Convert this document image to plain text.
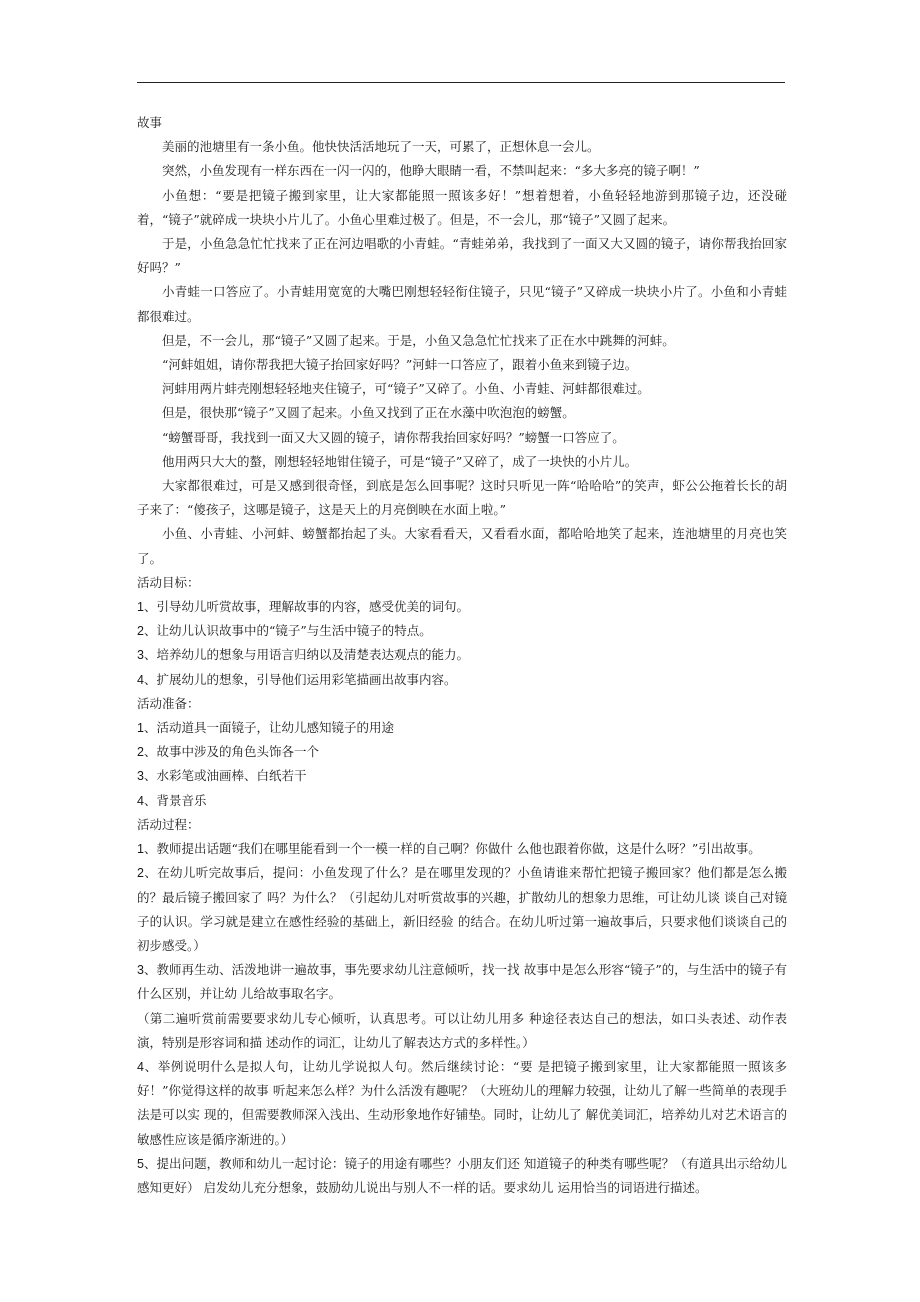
故事

美丽的池塘里有一条小鱼。他快快活活地玩了一天，可累了，正想休息一会儿。

突然，小鱼发现有一样东西在一闪一闪的，他睁大眼睛一看，不禁叫起来：“多大多亮的镜子啊！”

小鱼想：“要是把镜子搬到家里，让大家都能照一照该多好！”想着想着，小鱼轻轻地游到那镜子边，还没碰着，“镜子”就碎成一块块小片儿了。小鱼心里难过极了。但是，不一会儿，那“镜子”又圆了起来。

于是，小鱼急急忙忙找来了正在河边唱歌的小青蛙。“青蛙弟弟，我找到了一面又大又圆的镜子，请你帮我抬回家好吗？”

小青蛙一口答应了。小青蛙用宽宽的大嘴巴刚想轻轻衔住镜子，只见“镜子”又碎成一块块小片了。小鱼和小青蛙都很难过。

但是，不一会儿，那“镜子”又圆了起来。于是，小鱼又急急忙忙找来了正在水中跳舞的河蚌。

“河蚌姐姐，请你帮我把大镜子抬回家好吗？”河蚌一口答应了，跟着小鱼来到镜子边。

河蚌用两片蚌壳刚想轻轻地夹住镜子，可“镜子”又碎了。小鱼、小青蛙、河蚌都很难过。

但是，很快那“镜子”又圆了起来。小鱼又找到了正在水藻中吹泡泡的螃蟹。

“螃蟹哥哥，我找到一面又大又圆的镜子，请你帮我抬回家好吗？”螃蟹一口答应了。

他用两只大大的螯，刚想轻轻地钳住镜子，可是“镜子”又碎了，成了一块快的小片儿。

大家都很难过，可是又感到很奇怪，到底是怎么回事呢？这时只听见一阵“哈哈哈”的笑声，虾公公拖着长长的胡子来了：“傻孩子，这哪是镜子，这是天上的月亮倒映在水面上啦。”

小鱼、小青蛙、小河蚌、螃蟹都抬起了头。大家看看天，又看看水面，都哈哈地笑了起来，连池塘里的月亮也笑了。

活动目标：

1、引导幼儿听赏故事，理解故事的内容，感受优美的词句。

2、让幼儿认识故事中的“镜子”与生活中镜子的特点。

3、培养幼儿的想象与用语言归纳以及清楚表达观点的能力。

4、扩展幼儿的想象，引导他们运用彩笔描画出故事内容。

活动准备：

1、活动道具一面镜子，让幼儿感知镜子的用途

2、故事中涉及的角色头饰各一个

3、水彩笔或油画棒、白纸若干

4、背景音乐

活动过程：

1、教师提出话题“我们在哪里能看到一个一模一样的自己啊？你做什 么他也跟着你做，这是什么呀？”引出故事。

2、在幼儿听完故事后，提问：小鱼发现了什么？是在哪里发现的？小鱼请谁来帮忙把镜子搬回家？他们都是怎么搬的？最后镜子搬回家了 吗？为什么？（引起幼儿对听赏故事的兴趣，扩散幼儿的想象力思维，可让幼儿谈 谈自己对镜子的认识。学习就是建立在感性经验的基础上，新旧经验 的结合。在幼儿听过第一遍故事后，只要求他们谈谈自己的初步感受。）

3、教师再生动、活泼地讲一遍故事，事先要求幼儿注意倾听，找一找 故事中是怎么形容“镜子”的，与生活中的镜子有什么区别，并让幼 儿给故事取名字。

（第二遍听赏前需要要求幼儿专心倾听，认真思考。可以让幼儿用多 种途径表达自己的想法，如口头表述、动作表演，特别是形容词和描 述动作的词汇，让幼儿了解表达方式的多样性。）

4、举例说明什么是拟人句，让幼儿学说拟人句。然后继续讨论：“要 是把镜子搬到家里，让大家都能照一照该多好！”你觉得这样的故事 听起来怎么样？为什么活泼有趣呢？（大班幼儿的理解力较强，让幼儿了解一些简单的表现手法是可以实 现的，但需要教师深入浅出、生动形象地作好铺垫。同时，让幼儿了 解优美词汇，培养幼儿对艺术语言的敏感性应该是循序渐进的。）

5、提出问题，教师和幼儿一起讨论：镜子的用途有哪些？小朋友们还 知道镜子的种类有哪些呢？（有道具出示给幼儿感知更好） 启发幼儿充分想象，鼓励幼儿说出与别人不一样的话。要求幼儿 运用恰当的词语进行描述。
